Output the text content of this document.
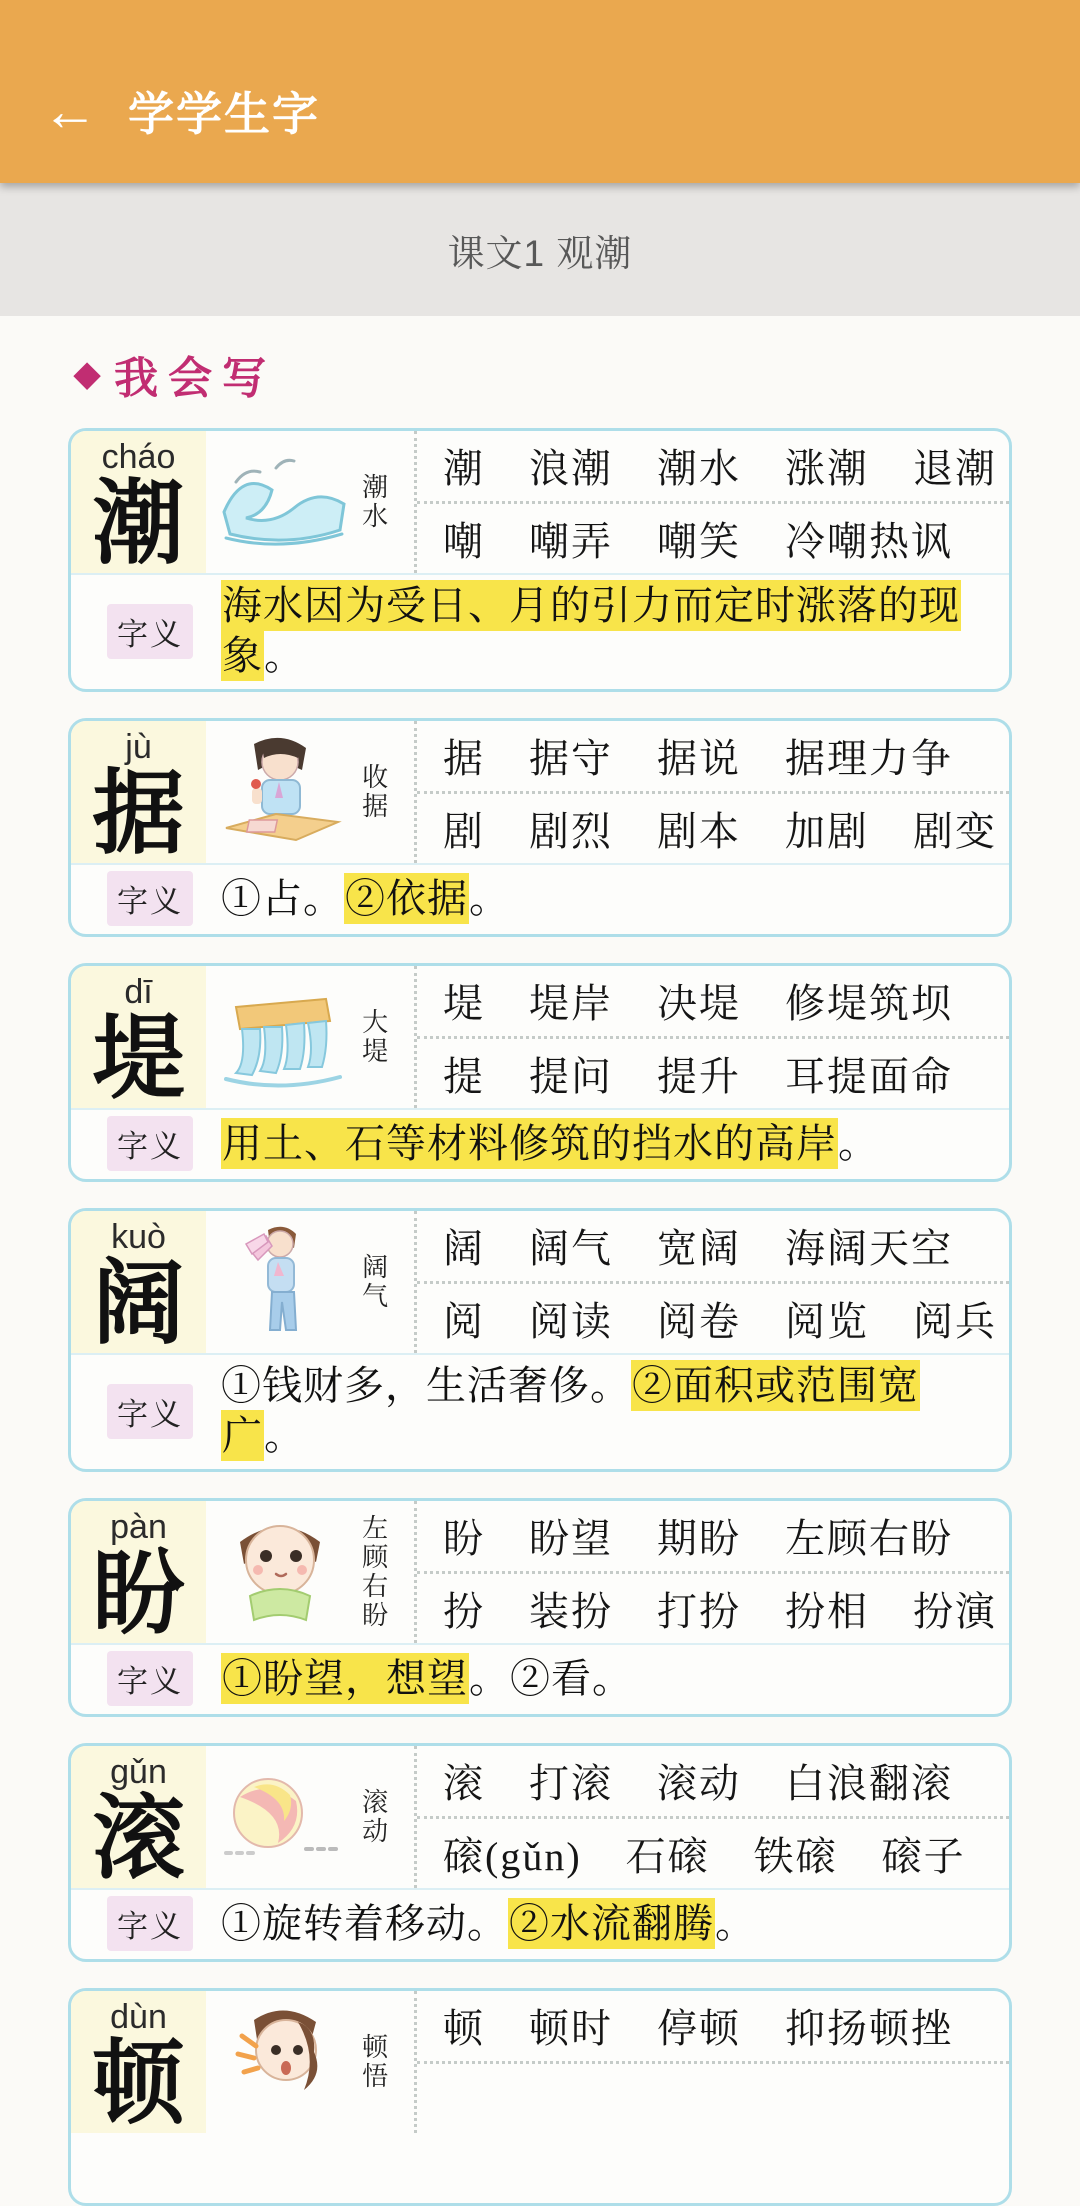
← 学学生字
课文1 观潮
◆ 我会写
cháo
潮	潮水
潮 浪潮 潮水 涨潮 退潮
嘲 嘲弄 嘲笑 冷嘲热讽
字义
海水因为受日、月的引力而定时涨落的现象。
jù
据	收据
据 据守 据说 据理力争
剧 剧烈 剧本 加剧 剧变
字义 ①占。②依据。
dī
堤	大堤
堤 堤岸 决堤 修堤筑坝
提 提问 提升 耳提面命
字义 用土、石等材料修筑的挡水的高岸。
kuò
阔	阔气
阔 阔气 宽阔 海阔天空
阅 阅读 阅卷 阅览 阅兵
字义
①钱财多，生活奢侈。②面积或范围宽广。
pàn
盼	左顾右盼 盼 盼望 期盼 左顾右盼
扮 装扮 打扮 扮相 扮演
字义 ①盼望，想望。②看。
gǔn
滚	滚动
滚 打滚 滚动 白浪翻滚
磙(gǔn) 石磙 铁磙 磙子
字义 ①旋转着移动。②水流翻腾。
dùn
顿	顿悟
顿 顿时 停顿 抑扬顿挫
